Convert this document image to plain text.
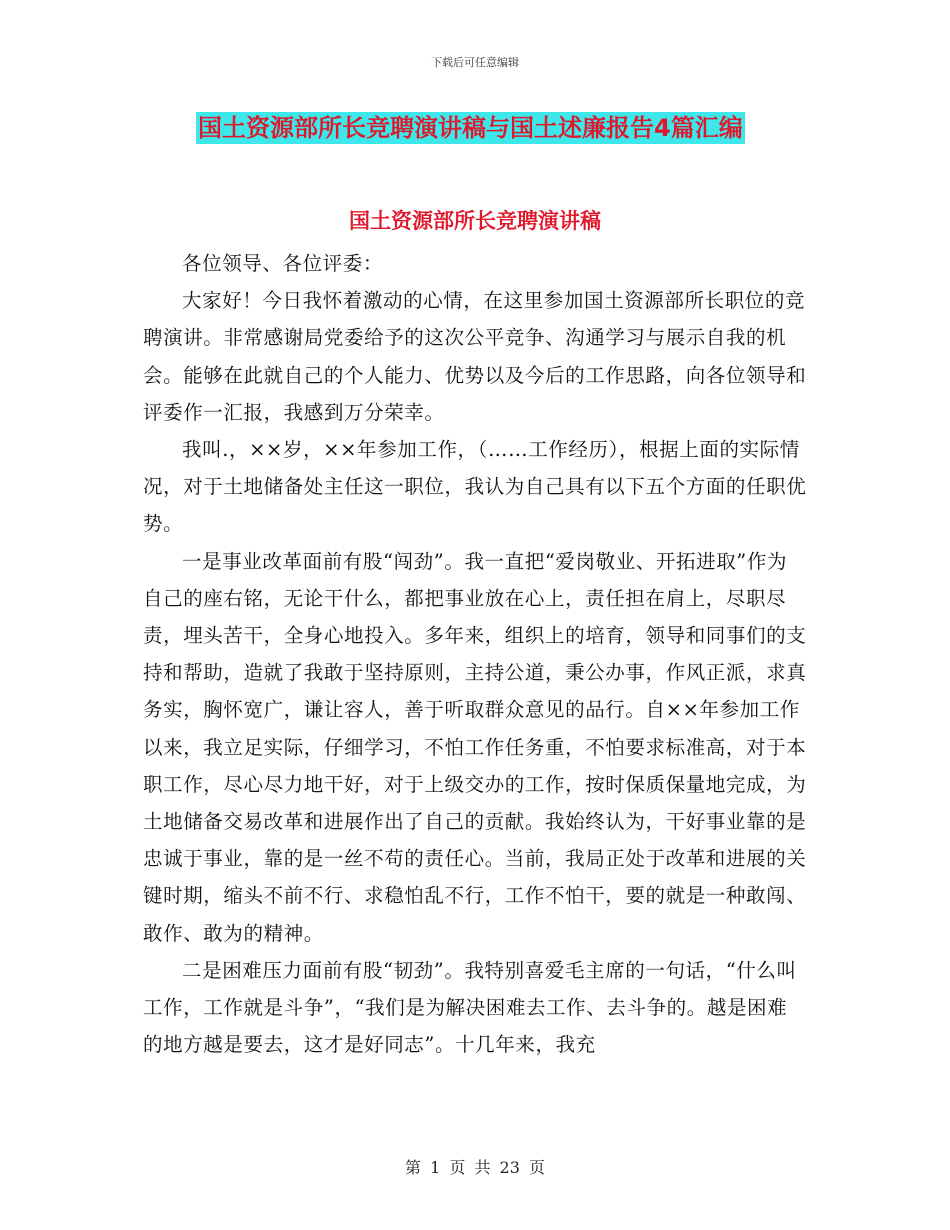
下载后可任意编辑
国土资源部所长竞聘演讲稿与国土述廉报告4篇汇编
国土资源部所长竞聘演讲稿

各位领导、各位评委：

大家好！今日我怀着激动的心情，在这里参加国土资源部所长职位的竞聘演讲。非常感谢局党委给予的这次公平竞争、沟通学习与展示自我的机会。能够在此就自己的个人能力、优势以及今后的工作思路，向各位领导和评委作一汇报，我感到万分荣幸。

我叫.，××岁，××年参加工作，（……工作经历），根据上面的实际情况，对于土地储备处主任这一职位，我认为自己具有以下五个方面的任职优势。

一是事业改革面前有股“闯劲”。我一直把“爱岗敬业、开拓进取”作为自己的座右铭，无论干什么，都把事业放在心上，责任担在肩上，尽职尽责，埋头苦干，全身心地投入。多年来，组织上的培育，领导和同事们的支持和帮助，造就了我敢于坚持原则，主持公道，秉公办事，作风正派，求真务实，胸怀宽广，谦让容人，善于听取群众意见的品行。自××年参加工作以来，我立足实际，仔细学习，不怕工作任务重，不怕要求标准高，对于本职工作，尽心尽力地干好，对于上级交办的工作，按时保质保量地完成，为土地储备交易改革和进展作出了自己的贡献。我始终认为，干好事业靠的是忠诚于事业，靠的是一丝不苟的责任心。当前，我局正处于改革和进展的关键时期，缩头不前不行、求稳怕乱不行，工作不怕干，要的就是一种敢闯、敢作、敢为的精神。

二是困难压力面前有股“韧劲”。我特别喜爱毛主席的一句话，“什么叫工作，工作就是斗争”，“我们是为解决困难去工作、去斗争的。越是困难的地方越是要去，这才是好同志”。十几年来，我充

第 1 页 共 23 页
